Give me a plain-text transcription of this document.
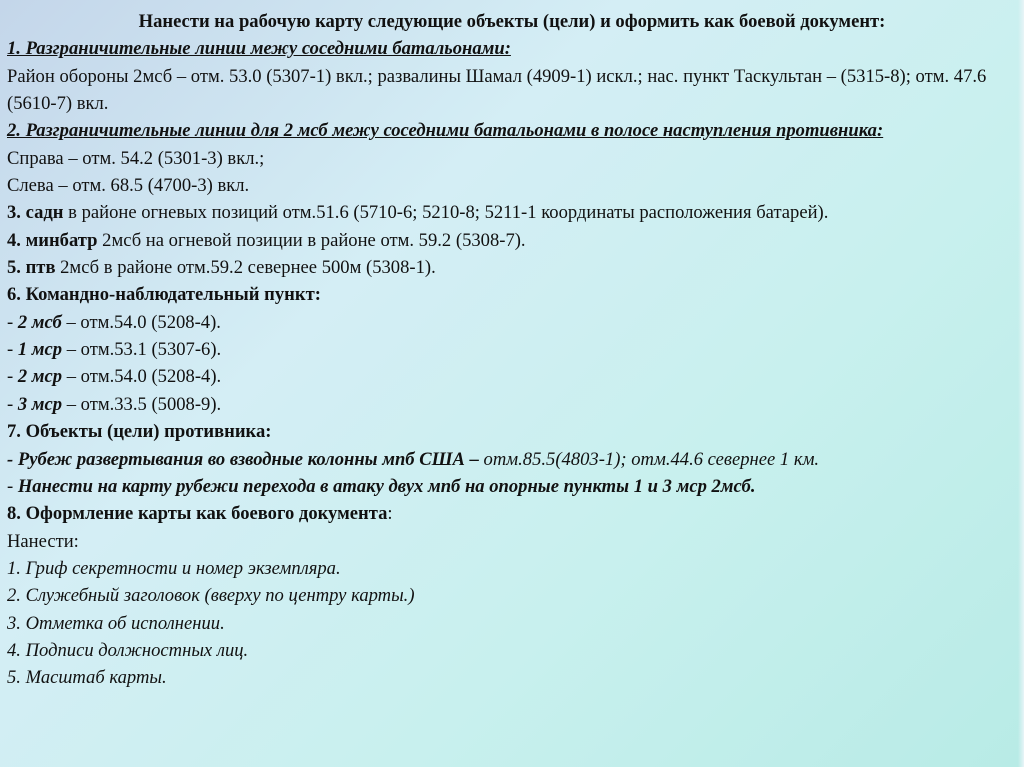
Нанести на рабочую карту следующие объекты (цели) и оформить как боевой документ:
1. Разграничительные линии межу соседними батальонами:
Район обороны 2мсб – отм. 53.0 (5307-1) вкл.; развалины Шамал (4909-1) искл.; нас. пункт Таскультан – (5315-8); отм. 47.6 (5610-7) вкл.
2. Разграничительные линии для 2 мсб межу соседними батальонами в полосе наступления противника:
Справа – отм. 54.2 (5301-3) вкл.;
Слева – отм. 68.5 (4700-3) вкл.
3. садн в районе огневых позиций отм.51.6 (5710-6; 5210-8; 5211-1 координаты расположения батарей).
4. минбатр 2мсб на огневой позиции в районе отм. 59.2 (5308-7).
5. птв 2мсб в районе отм.59.2 севернее 500м (5308-1).
6. Командно-наблюдательный пункт:
- 2 мсб – отм.54.0 (5208-4).
- 1 мср – отм.53.1 (5307-6).
- 2 мср – отм.54.0 (5208-4).
- 3 мср – отм.33.5 (5008-9).
7. Объекты (цели) противника:
- Рубеж развертывания во взводные колонны мпб США – отм.85.5(4803-1); отм.44.6 севернее 1 км.
- Нанести на карту рубежи перехода в атаку двух мпб на опорные пункты 1 и 3 мср 2мсб.
8. Оформление карты как боевого документа:
Нанести:
1. Гриф секретности и номер экземпляра.
2. Служебный заголовок (вверху по центру карты.)
3. Отметка об исполнении.
4. Подписи должностных лиц.
5. Масштаб карты.
